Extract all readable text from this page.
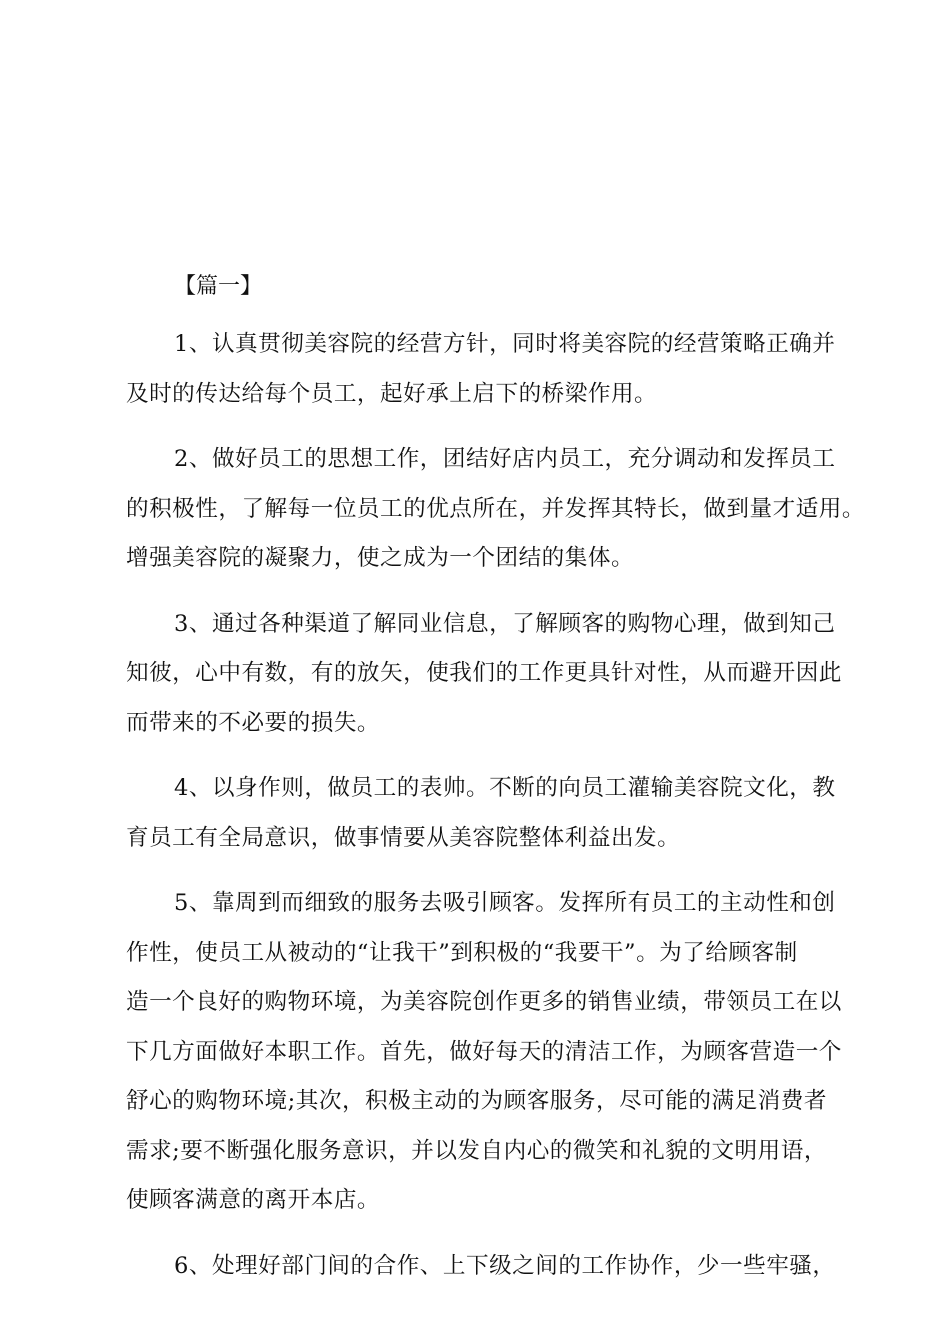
【篇一】
1、认真贯彻美容院的经营方针，同时将美容院的经营策略正确并
及时的传达给每个员工，起好承上启下的桥梁作用。
2、做好员工的思想工作，团结好店内员工，充分调动和发挥员工
的积极性，了解每一位员工的优点所在，并发挥其特长，做到量才适用。
增强美容院的凝聚力，使之成为一个团结的集体。
3、通过各种渠道了解同业信息，了解顾客的购物心理，做到知己
知彼，心中有数，有的放矢，使我们的工作更具针对性，从而避开因此
而带来的不必要的损失。
4、以身作则，做员工的表帅。不断的向员工灌输美容院文化，教
育员工有全局意识，做事情要从美容院整体利益出发。
5、靠周到而细致的服务去吸引顾客。发挥所有员工的主动性和创
作性，使员工从被动的“让我干”到积极的“我要干”。为了给顾客制
造一个良好的购物环境，为美容院创作更多的销售业绩，带领员工在以
下几方面做好本职工作。首先，做好每天的清洁工作，为顾客营造一个
舒心的购物环境;其次，积极主动的为顾客服务，尽可能的满足消费者
需求;要不断强化服务意识，并以发自内心的微笑和礼貌的文明用语，
使顾客满意的离开本店。
6、处理好部门间的合作、上下级之间的工作协作，少一些牢骚，
